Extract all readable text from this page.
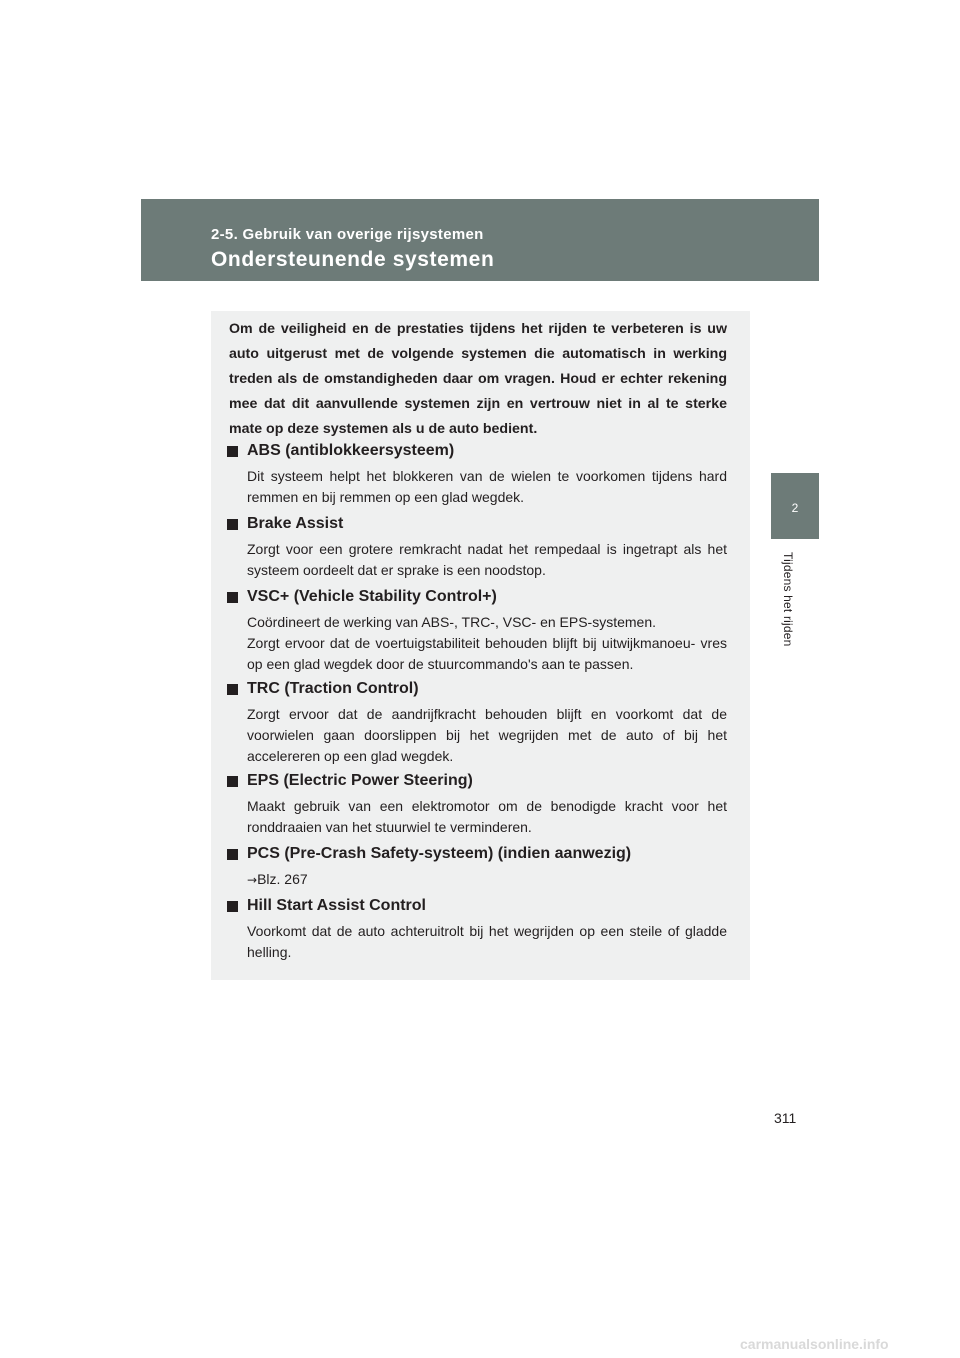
2-5. Gebruik van overige rijsystemen
Ondersteunende systemen
2
Tijdens het rijden
Om de veiligheid en de prestaties tijdens het rijden te verbeteren is uw auto uitgerust met de volgende systemen die automatisch in werking treden als de omstandigheden daar om vragen. Houd er echter rekening mee dat dit aanvullende systemen zijn en vertrouw niet in al te sterke mate op deze systemen als u de auto bedient.
ABS (antiblokkeersysteem)
Dit systeem helpt het blokkeren van de wielen te voorkomen tijdens hard remmen en bij remmen op een glad wegdek.
Brake Assist
Zorgt voor een grotere remkracht nadat het rempedaal is ingetrapt als het systeem oordeelt dat er sprake is een noodstop.
VSC+ (Vehicle Stability Control+)
Coördineert de werking van ABS-, TRC-, VSC- en EPS-systemen.
Zorgt ervoor dat de voertuigstabiliteit behouden blijft bij uitwijkmanoeu- vres op een glad wegdek door de stuurcommando's aan te passen.
TRC (Traction Control)
Zorgt ervoor dat de aandrijfkracht behouden blijft en voorkomt dat de voorwielen gaan doorslippen bij het wegrijden met de auto of bij het accelereren op een glad wegdek.
EPS (Electric Power Steering)
Maakt gebruik van een elektromotor om de benodigde kracht voor het ronddraaien van het stuurwiel te verminderen.
PCS (Pre-Crash Safety-systeem) (indien aanwezig)
→Blz. 267
Hill Start Assist Control
Voorkomt dat de auto achteruitrolt bij het wegrijden op een steile of gladde helling.
311
carmanualsonline.info
